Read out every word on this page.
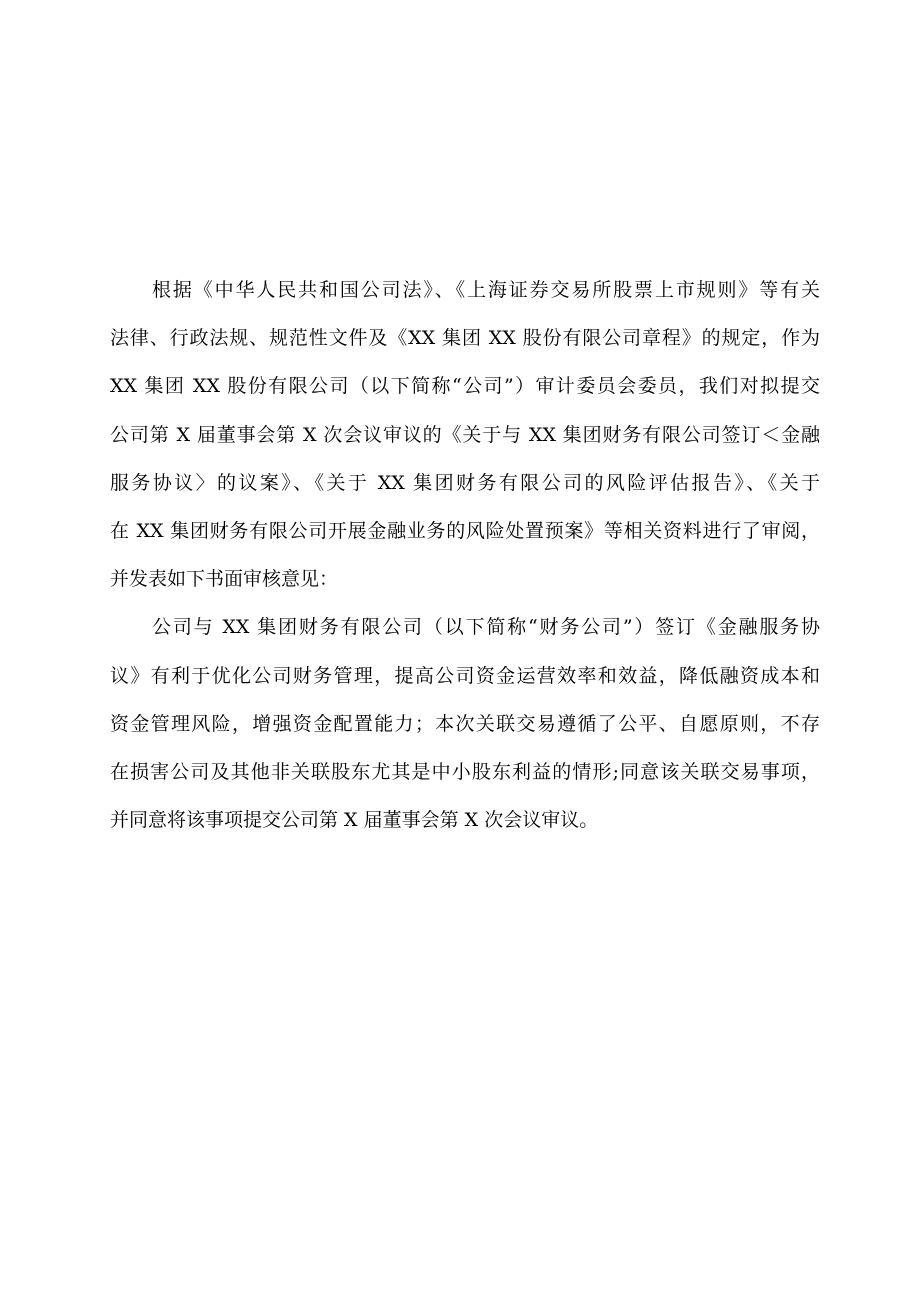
根据《中华人民共和国公司法》、《上海证券交易所股票上市规则》等有关
法律、行政法规、规范性文件及《XX 集团 XX 股份有限公司章程》的规定，作为
XX 集团 XX 股份有限公司（以下简称“公司”）审计委员会委员，我们对拟提交
公司第 X 届董事会第 X 次会议审议的《关于与 XX 集团财务有限公司签订＜金融
服务协议〉的议案》、《关于 XX 集团财务有限公司的风险评估报告》、《关于
在 XX 集团财务有限公司开展金融业务的风险处置预案》等相关资料进行了审阅，
并发表如下书面审核意见：

公司与 XX 集团财务有限公司（以下简称“财务公司”）签订《金融服务协
议》有利于优化公司财务管理，提高公司资金运营效率和效益，降低融资成本和
资金管理风险，增强资金配置能力；本次关联交易遵循了公平、自愿原则，不存
在损害公司及其他非关联股东尤其是中小股东利益的情形;同意该关联交易事项，
并同意将该事项提交公司第 X 届董事会第 X 次会议审议。
